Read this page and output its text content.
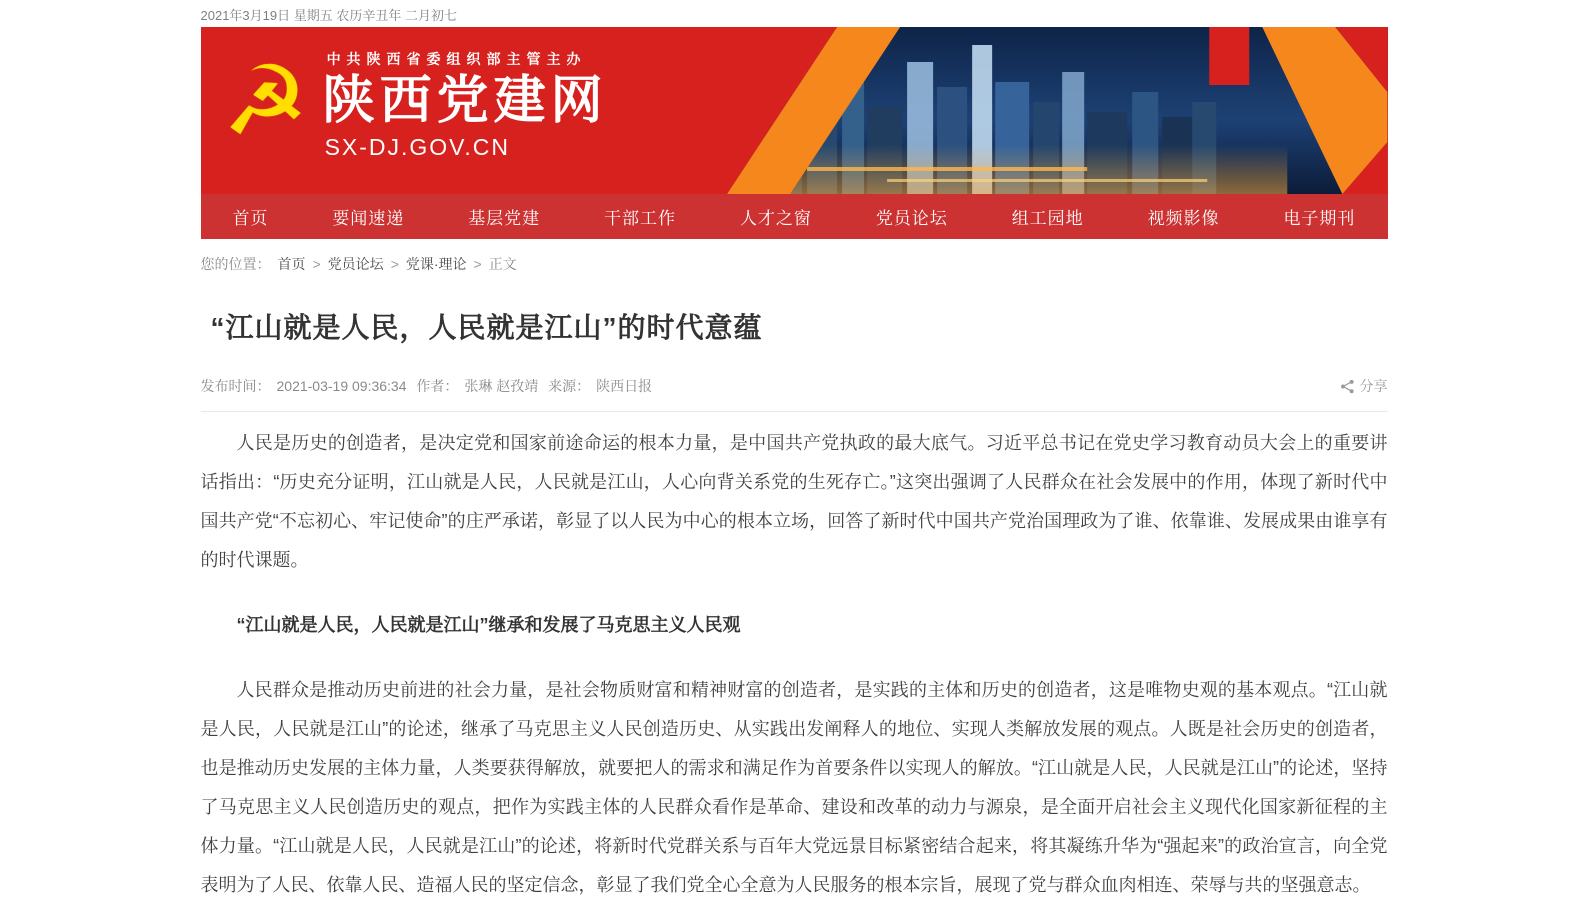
2021年3月19日 星期五 农历辛丑年 二月初七
☭ 中共陕西省委组织部主管主办
陕西党建网
SX-DJ.GOV.CN
首页	要闻速递	基层党建	干部工作	人才之窗	党员论坛	组工园地	视频影像	电子期刊
您的位置： 首页 > 党员论坛 > 党课·理论 > 正文
“江山就是人民，人民就是江山”的时代意蕴
发布时间： 2021-03-19 09:36:34 作者： 张琳 赵孜靖 来源： 陕西日报	分享

人民是历史的创造者，是决定党和国家前途命运的根本力量，是中国共产党执政的最大底气。习近平总书记在党史学习教育动员大会上的重要讲话指出：“历史充分证明，江山就是人民，人民就是江山，人心向背关系党的生死存亡。”这突出强调了人民群众在社会发展中的作用，体现了新时代中国共产党“不忘初心、牢记使命”的庄严承诺，彰显了以人民为中心的根本立场，回答了新时代中国共产党治国理政为了谁、依靠谁、发展成果由谁享有的时代课题。

“江山就是人民，人民就是江山”继承和发展了马克思主义人民观

人民群众是推动历史前进的社会力量，是社会物质财富和精神财富的创造者，是实践的主体和历史的创造者，这是唯物史观的基本观点。“江山就是人民，人民就是江山”的论述，继承了马克思主义人民创造历史、从实践出发阐释人的地位、实现人类解放发展的观点。人既是社会历史的创造者，也是推动历史发展的主体力量，人类要获得解放，就要把人的需求和满足作为首要条件以实现人的解放。“江山就是人民，人民就是江山”的论述，坚持了马克思主义人民创造历史的观点，把作为实践主体的人民群众看作是革命、建设和改革的动力与源泉，是全面开启社会主义现代化国家新征程的主体力量。“江山就是人民，人民就是江山”的论述，将新时代党群关系与百年大党远景目标紧密结合起来，将其凝练升华为“强起来”的政治宣言，向全党表明为了人民、依靠人民、造福人民的坚定信念，彰显了我们党全心全意为人民服务的根本宗旨，展现了党与群众血肉相连、荣辱与共的坚强意志。
